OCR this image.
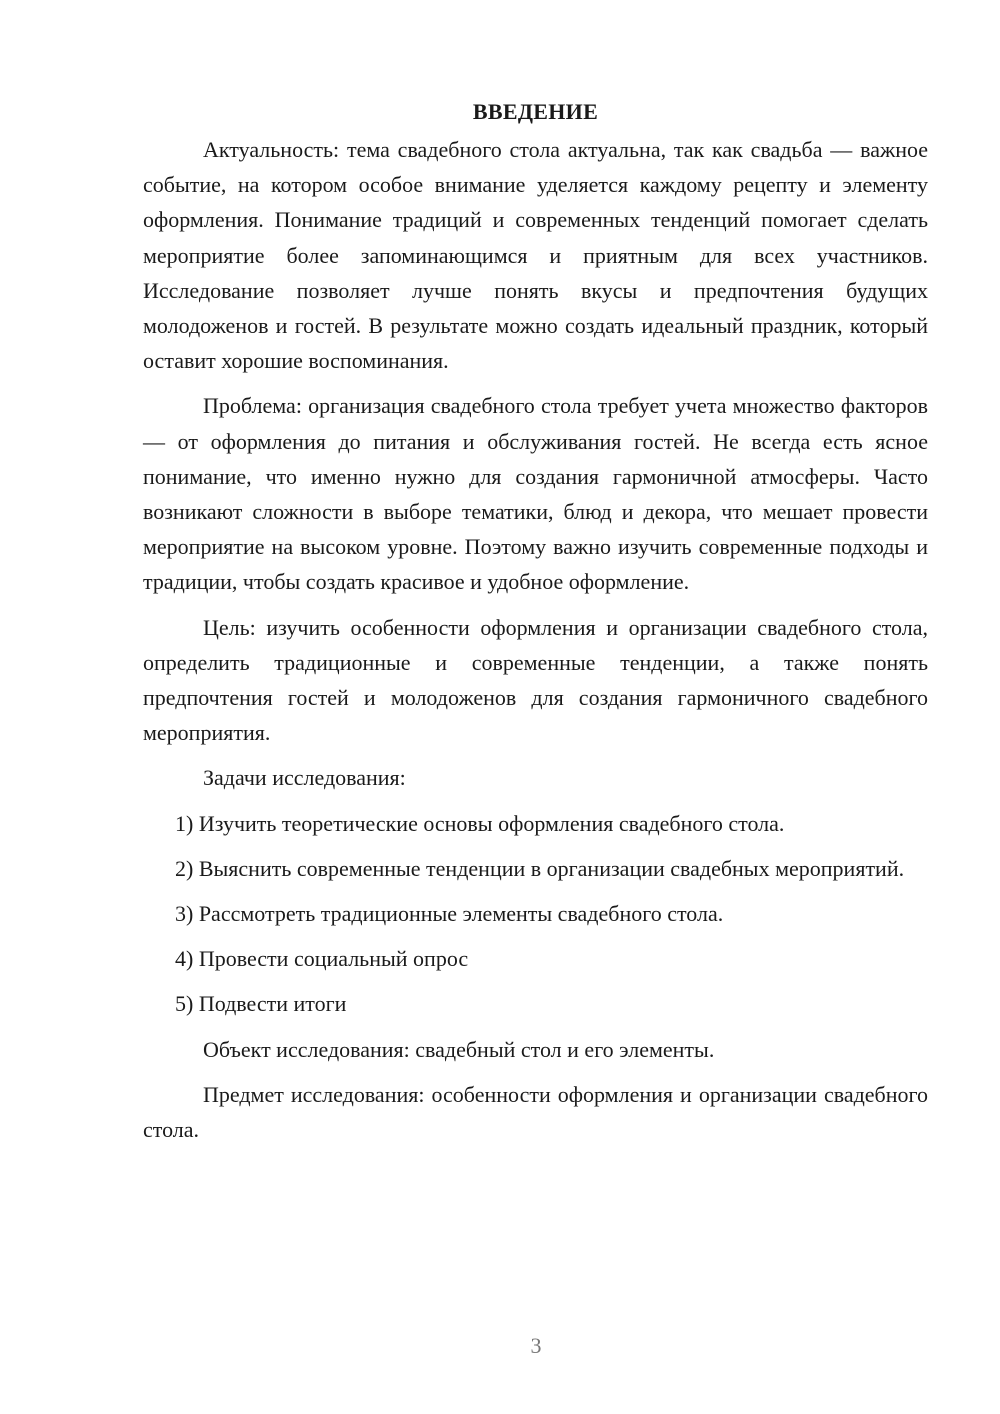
ВВЕДЕНИЕ

Актуальность: тема свадебного стола актуальна, так как свадьба — важное событие, на котором особое внимание уделяется каждому рецепту и элементу оформления. Понимание традиций и современных тенденций помогает сделать мероприятие более запоминающимся и приятным для всех участников. Исследование позволяет лучше понять вкусы и предпочтения будущих молодоженов и гостей. В результате можно создать идеальный праздник, который оставит хорошие воспоминания.

Проблема: организация свадебного стола требует учета множество факторов — от оформления до питания и обслуживания гостей. Не всегда есть ясное понимание, что именно нужно для создания гармоничной атмосферы. Часто возникают сложности в выборе тематики, блюд и декора, что мешает провести мероприятие на высоком уровне. Поэтому важно изучить современные подходы и традиции, чтобы создать красивое и удобное оформление.

Цель: изучить особенности оформления и организации свадебного стола, определить традиционные и современные тенденции, а также понять предпочтения гостей и молодоженов для создания гармоничного свадебного мероприятия.

Задачи исследования:

1) Изучить теоретические основы оформления свадебного стола.

2) Выяснить современные тенденции в организации свадебных мероприятий.

3) Рассмотреть традиционные элементы свадебного стола.

4) Провести социальный опрос

5) Подвести итоги

Объект исследования: свадебный стол и его элементы.

Предмет исследования: особенности оформления и организации свадебного стола.

3
